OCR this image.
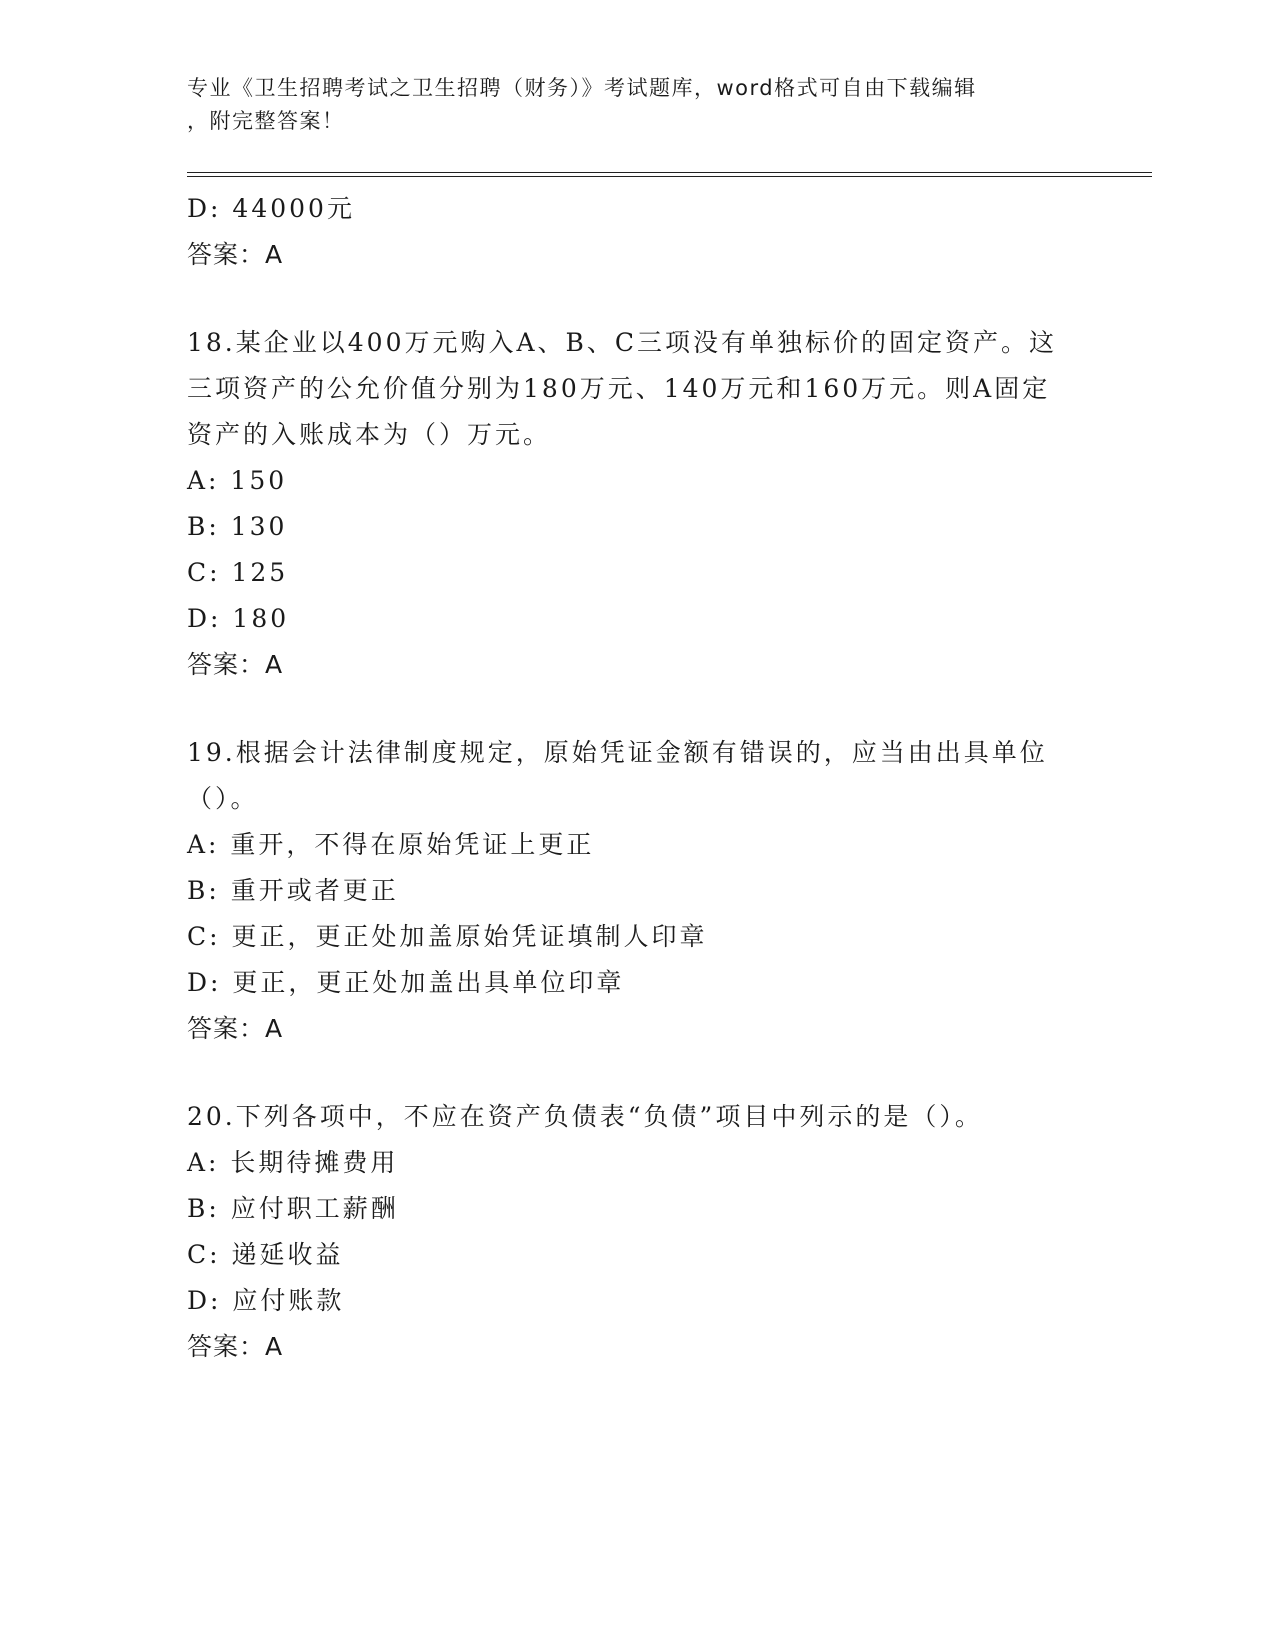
专业《卫生招聘考试之卫生招聘（财务）》考试题库，word格式可自由下载编辑
，附完整答案！
D: 44000元
答案：A
18.某企业以400万元购入A、B、C三项没有单独标价的固定资产。这
三项资产的公允价值分别为180万元、140万元和160万元。则A固定
资产的入账成本为（）万元。
A: 150
B: 130
C: 125
D: 180
答案：A
19.根据会计法律制度规定，原始凭证金额有错误的，应当由出具单位
（）。
A: 重开，不得在原始凭证上更正
B: 重开或者更正
C: 更正，更正处加盖原始凭证填制人印章
D: 更正，更正处加盖出具单位印章
答案：A
20.下列各项中，不应在资产负债表“负债”项目中列示的是（）。
A: 长期待摊费用
B: 应付职工薪酬
C: 递延收益
D: 应付账款
答案：A
